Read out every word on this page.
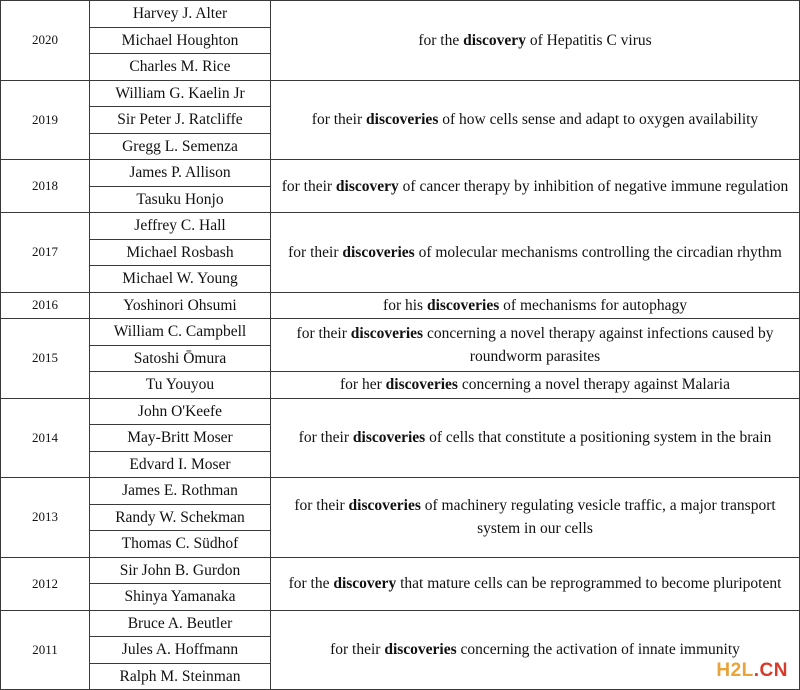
2020	Harvey J. Alter	for the discovery of Hepatitis C virus
	Michael Houghton	
	Charles M. Rice	
2019	William G. Kaelin Jr	for their discoveries of how cells sense and adapt to oxygen availability
	Sir Peter J. Ratcliffe	
	Gregg L. Semenza	
2018	James P. Allison	for their discovery of cancer therapy by inhibition of negative immune regulation
	Tasuku Honjo	
2017	Jeffrey C. Hall	for their discoveries of molecular mechanisms controlling the circadian rhythm
	Michael Rosbash	
	Michael W. Young	
2016	Yoshinori Ohsumi	for his discoveries of mechanisms for autophagy
2015	William C. Campbell	for their discoveries concerning a novel therapy against infections caused by roundworm parasites
	Satoshi Ōmura	
	Tu Youyou	for her discoveries concerning a novel therapy against Malaria
2014	John O'Keefe	for their discoveries of cells that constitute a positioning system in the brain
	May-Britt Moser	
	Edvard I. Moser	
2013	James E. Rothman	for their discoveries of machinery regulating vesicle traffic, a major transport system in our cells
	Randy W. Schekman	
	Thomas C. Südhof	
2012	Sir John B. Gurdon	for the discovery that mature cells can be reprogrammed to become pluripotent
	Shinya Yamanaka	
2011	Bruce A. Beutler	for their discoveries concerning the activation of innate immunity
	Jules A. Hoffmann	
	Ralph M. Steinman		H2L.CN
